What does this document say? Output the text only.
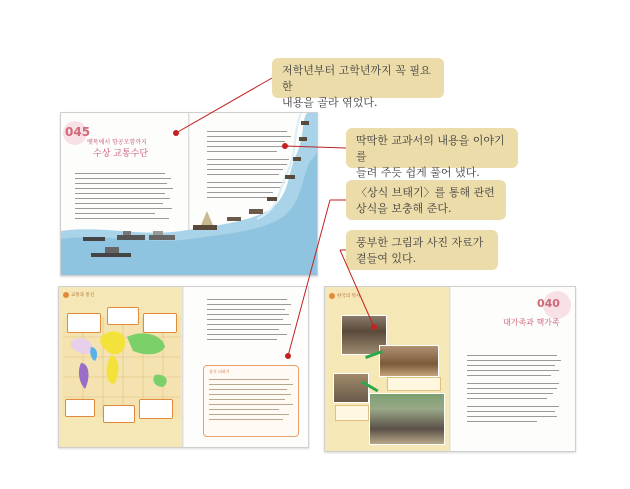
045
뗏목에서 항공모함까지
수상 교통수단
교통과 통신
상식 더하기
한국의 역사
040
대가족과 핵가족
저학년부터 고학년까지 꼭 필요한
내용을 골라 엮었다.
딱딱한 교과서의 내용을 이야기를
들려 주듯 쉽게 풀어 냈다.
〈상식 브태기〉를 통해 관련
상식을 보충해 준다.
풍부한 그림과 사진 자료가
곁들여 있다.
